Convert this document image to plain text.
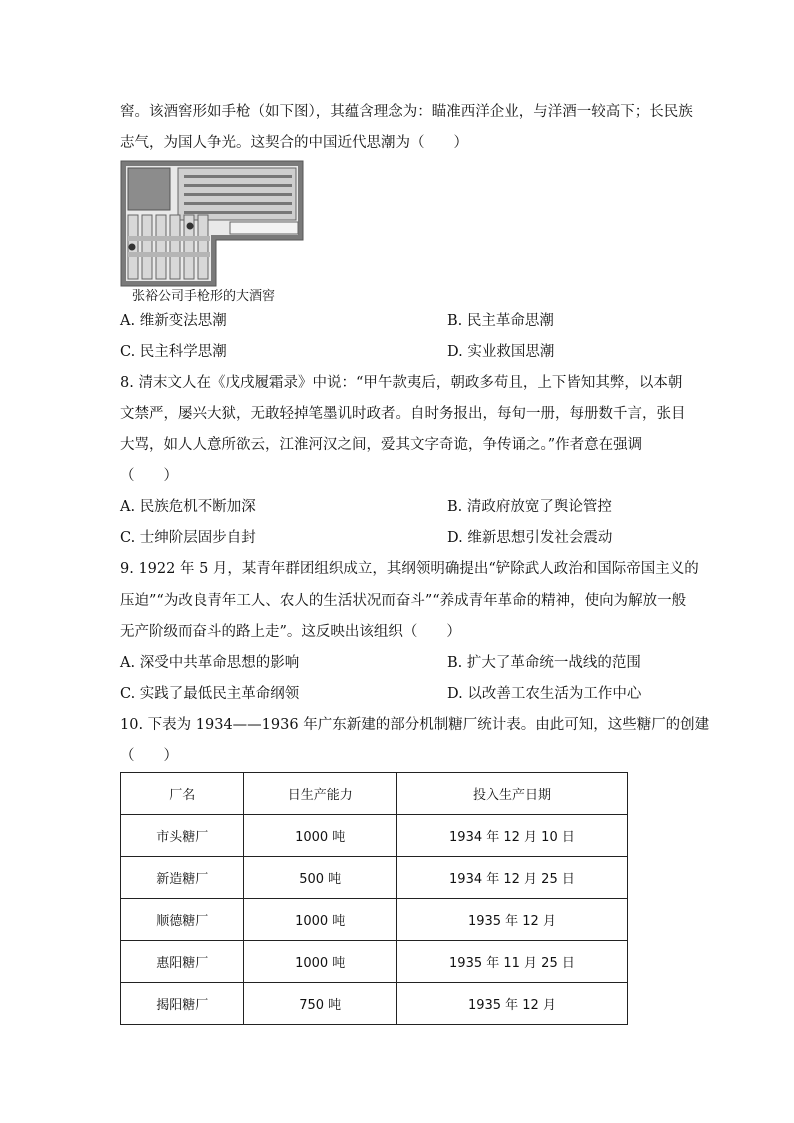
窖。该酒窖形如手枪（如下图），其蕴含理念为：瞄准西洋企业，与洋酒一较高下；长民族
志气，为国人争光。这契合的中国近代思潮为（　　）
张裕公司手枪形的大酒窖
A. 维新变法思潮	B. 民主革命思潮
C. 民主科学思潮	D. 实业救国思潮
8. 清末文人在《戊戌履霜录》中说：“甲午款夷后，朝政多苟且，上下皆知其弊，以本朝
文禁严，屡兴大狱，无敢轻掉笔墨讥时政者。自时务报出，每旬一册，每册数千言，张目
大骂，如人人意所欲云，江淮河汉之间，爱其文字奇诡，争传诵之。”作者意在强调
（　　）
A. 民族危机不断加深	B. 清政府放宽了舆论管控
C. 士绅阶层固步自封	D. 维新思想引发社会震动
9. 1922 年 5 月，某青年群团组织成立，其纲领明确提出“铲除武人政治和国际帝国主义的
压迫”“为改良青年工人、农人的生活状况而奋斗”“养成青年革命的精神，使向为解放一般
无产阶级而奋斗的路上走”。这反映出该组织（　　）
A. 深受中共革命思想的影响	B. 扩大了革命统一战线的范围
C. 实践了最低民主革命纲领	D. 以改善工农生活为工作中心
10. 下表为 1934——1936 年广东新建的部分机制糖厂统计表。由此可知，这些糖厂的创建
（　　）
厂名	日生产能力	投入生产日期
市头糖厂	1000 吨	1934 年 12 月 10 日
新造糖厂	500 吨	1934 年 12 月 25 日
顺德糖厂	1000 吨	1935 年 12 月
惠阳糖厂	1000 吨	1935 年 11 月 25 日
揭阳糖厂	750 吨	1935 年 12 月
